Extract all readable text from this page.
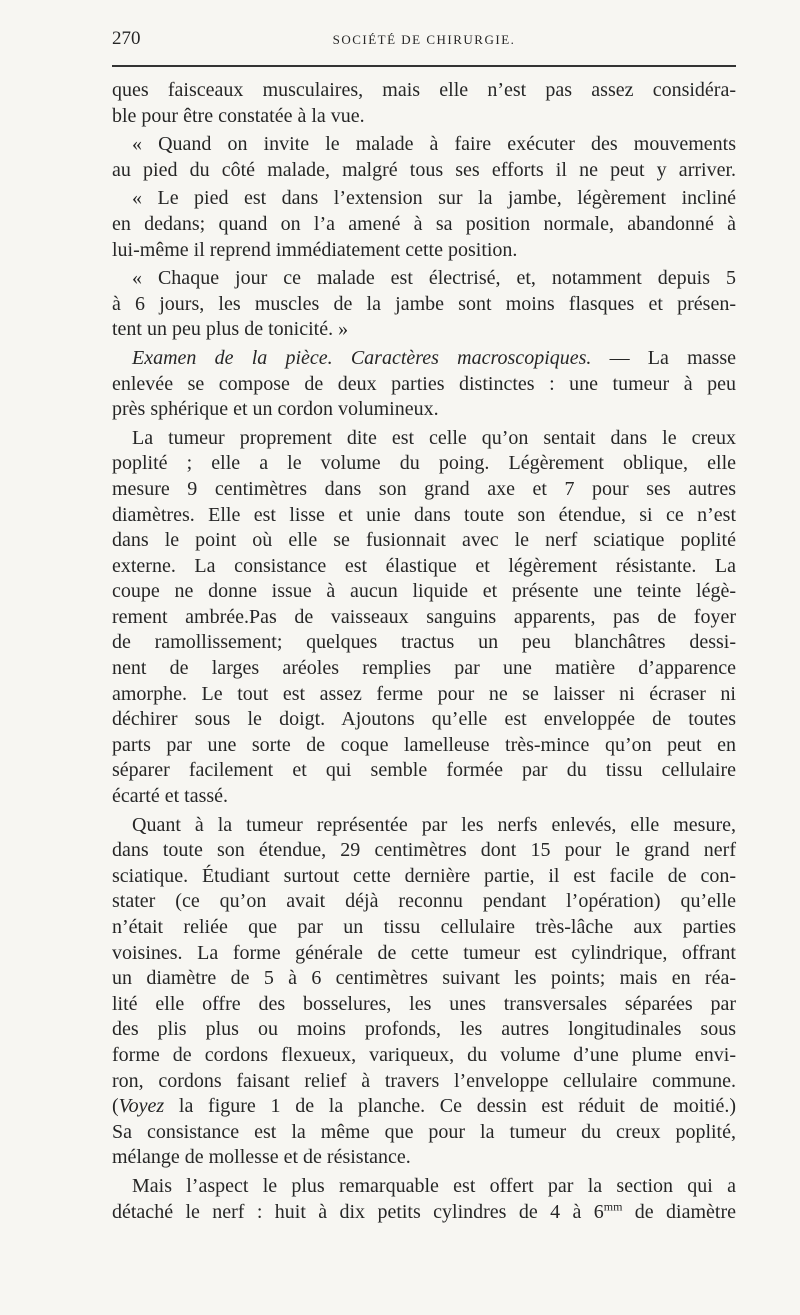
270	SOCIÉTÉ DE CHIRURGIE.
ques faisceaux musculaires, mais elle n’est pas assez considéra-
ble pour être constatée à la vue.
« Quand on invite le malade à faire exécuter des mouvements
au pied du côté malade, malgré tous ses efforts il ne peut y arriver.
« Le pied est dans l’extension sur la jambe, légèrement incliné
en dedans; quand on l’a amené à sa position normale, abandonné à
lui-même il reprend immédiatement cette position.
« Chaque jour ce malade est électrisé, et, notamment depuis 5
à 6 jours, les muscles de la jambe sont moins flasques et présen-
tent un peu plus de tonicité. »
Examen de la pièce. Caractères macroscopiques. — La masse
enlevée se compose de deux parties distinctes : une tumeur à peu
près sphérique et un cordon volumineux.
La tumeur proprement dite est celle qu’on sentait dans le creux
poplité ; elle a le volume du poing. Légèrement oblique, elle
mesure 9 centimètres dans son grand axe et 7 pour ses autres
diamètres. Elle est lisse et unie dans toute son étendue, si ce n’est
dans le point où elle se fusionnait avec le nerf sciatique poplité
externe. La consistance est élastique et légèrement résistante. La
coupe ne donne issue à aucun liquide et présente une teinte légè-
rement ambrée.Pas de vaisseaux sanguins apparents, pas de foyer
de ramollissement; quelques tractus un peu blanchâtres dessi-
nent de larges aréoles remplies par une matière d’apparence
amorphe. Le tout est assez ferme pour ne se laisser ni écraser ni
déchirer sous le doigt. Ajoutons qu’elle est enveloppée de toutes
parts par une sorte de coque lamelleuse très-mince qu’on peut en
séparer facilement et qui semble formée par du tissu cellulaire
écarté et tassé.
Quant à la tumeur représentée par les nerfs enlevés, elle mesure,
dans toute son étendue, 29 centimètres dont 15 pour le grand nerf
sciatique. Étudiant surtout cette dernière partie, il est facile de con-
stater (ce qu’on avait déjà reconnu pendant l’opération) qu’elle
n’était reliée que par un tissu cellulaire très-lâche aux parties
voisines. La forme générale de cette tumeur est cylindrique, offrant
un diamètre de 5 à 6 centimètres suivant les points; mais en réa-
lité elle offre des bosselures, les unes transversales séparées par
des plis plus ou moins profonds, les autres longitudinales sous
forme de cordons flexueux, variqueux, du volume d’une plume envi-
ron, cordons faisant relief à travers l’enveloppe cellulaire commune.
(Voyez la figure 1 de la planche. Ce dessin est réduit de moitié.)
Sa consistance est la même que pour la tumeur du creux poplité,
mélange de mollesse et de résistance.
Mais l’aspect le plus remarquable est offert par la section qui a
détaché le nerf : huit à dix petits cylindres de 4 à $6^{mm}$ de diamètre
